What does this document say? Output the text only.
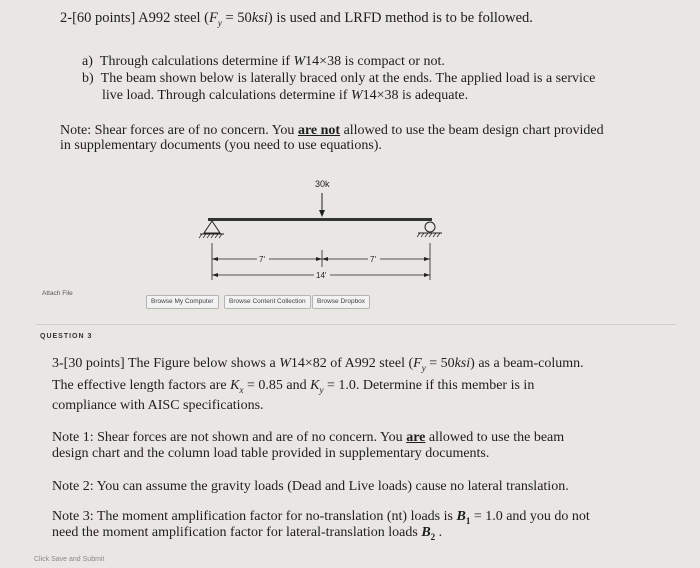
2-[60 points] A992 steel $(F_y = 50ksi)$ is used and LRFD method is to be followed.
a) Through calculations determine if W14×38 is compact or not.
b) The beam shown below is laterally braced only at the ends. The applied load is a service
live load. Through calculations determine if W14×38 is adequate.
Note: Shear forces are of no concern. You are not allowed to use the beam design chart provided
in supplementary documents (you need to use equations).
30k
7'	7'
14'
Attach File
Browse My Computer	Browse Content Collection	Browse Dropbox
QUESTION 3
3-[30 points] The Figure below shows a W14×82 of A992 steel $(F_y = 50ksi)$ as a beam-column.
The effective length factors are $K_x = 0.85$ and $K_y = 1.0$. Determine if this member is in
compliance with AISC specifications.
Note 1: Shear forces are not shown and are of no concern. You are allowed to use the beam
design chart and the column load table provided in supplementary documents.
Note 2: You can assume the gravity loads (Dead and Live loads) cause no lateral translation.
Note 3: The moment amplification factor for no-translation (nt) loads is $B_1 = 1.0$ and you do not
need the moment amplification factor for lateral-translation loads $B_2$ .
Click Save and Submit
